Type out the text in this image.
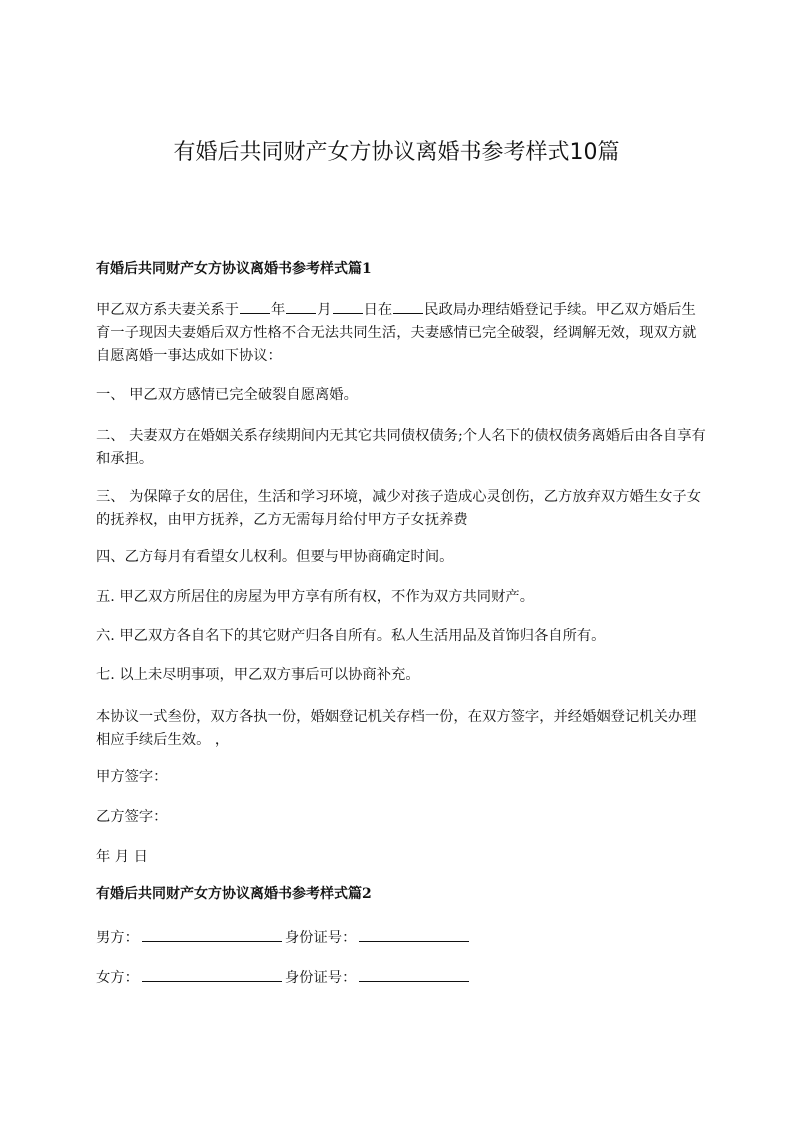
有婚后共同财产女方协议离婚书参考样式10篇
有婚后共同财产女方协议离婚书参考样式篇1
甲乙双方系夫妻关系于 年 月 日在 民政局办理结婚登记手续。甲乙双方婚后生育一子现因夫妻婚后双方性格不合无法共同生活，夫妻感情已完全破裂，经调解无效，现双方就自愿离婚一事达成如下协议：
一、 甲乙双方感情已完全破裂自愿离婚。
二、 夫妻双方在婚姻关系存续期间内无其它共同债权债务;个人名下的债权债务离婚后由各自享有和承担。
三、 为保障子女的居住，生活和学习环境，减少对孩子造成心灵创伤，乙方放弃双方婚生女子女的抚养权，由甲方抚养，乙方无需每月给付甲方子女抚养费
四、乙方每月有看望女儿权利。但要与甲协商确定时间。
五. 甲乙双方所居住的房屋为甲方享有所有权，不作为双方共同财产。
六. 甲乙双方各自名下的其它财产归各自所有。私人生活用品及首饰归各自所有。
七. 以上未尽明事项，甲乙双方事后可以协商补充。
本协议一式叁份，双方各执一份，婚姻登记机关存档一份，在双方签字，并经婚姻登记机关办理相应手续后生效。 ，
甲方签字：
乙方签字：
年 月 日
有婚后共同财产女方协议离婚书参考样式篇2
男方：	身份证号：
女方：	身份证号：
